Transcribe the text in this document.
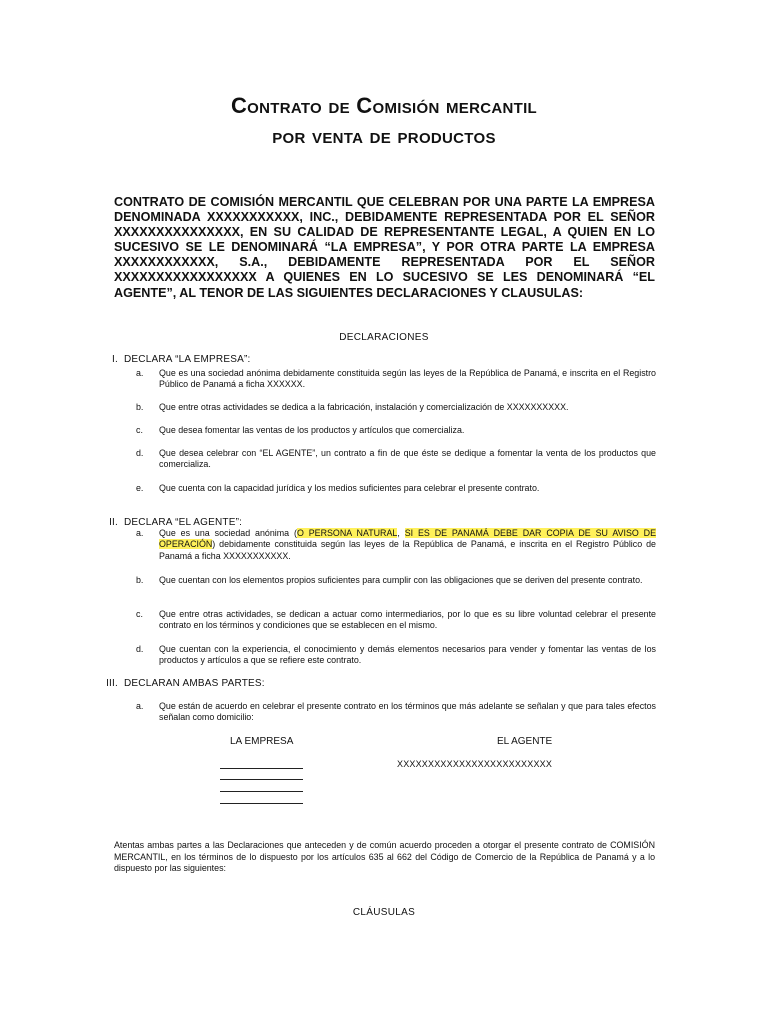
Contrato de Comisión mercantil
por venta de productos
CONTRATO DE COMISIÓN MERCANTIL QUE CELEBRAN POR UNA PARTE LA EMPRESA DENOMINADA XXXXXXXXXXX, INC., DEBIDAMENTE REPRESENTADA POR EL SEÑOR XXXXXXXXXXXXXXX, EN SU CALIDAD DE REPRESENTANTE LEGAL, A QUIEN EN LO SUCESIVO SE LE DENOMINARÁ “LA EMPRESA”, Y POR OTRA PARTE LA EMPRESA XXXXXXXXXXXX, S.A., DEBIDAMENTE REPRESENTADA POR EL SEÑOR XXXXXXXXXXXXXXXXX A QUIENES EN LO SUCESIVO SE LES DENOMINARÁ “EL AGENTE”, AL TENOR DE LAS SIGUIENTES DECLARACIONES Y CLAUSULAS:
DECLARACIONES
I. DECLARA “LA EMPRESA”:
a.	Que es una sociedad anónima debidamente constituida según las leyes de la República de Panamá, e inscrita en el Registro Público de Panamá a ficha XXXXXX.
b.	Que entre otras actividades se dedica a la fabricación, instalación y comercialización de XXXXXXXXXX.
c.	Que desea fomentar las ventas de los productos y artículos que comercializa.
d.	Que desea celebrar con “EL AGENTE”, un contrato a fin de que éste se dedique a fomentar la venta de los productos que comercializa.
e.	Que cuenta con la capacidad jurídica y los medios suficientes para celebrar el presente contrato.
II. DECLARA “EL AGENTE”:
a.	Que es una sociedad anónima (O PERSONA NATURAL, SI ES DE PANAMÁ DEBE DAR COPIA DE SU AVISO DE OPERACIÓN) debidamente constituida según las leyes de la República de Panamá, e inscrita en el Registro Público de Panamá a ficha XXXXXXXXXXX.
b.	Que cuentan con los elementos propios suficientes para cumplir con las obligaciones que se deriven del presente contrato.
c.	Que entre otras actividades, se dedican a actuar como intermediarios, por lo que es su libre voluntad celebrar el presente contrato en los términos y condiciones que se establecen en el mismo.
d.	Que cuentan con la experiencia, el conocimiento y demás elementos necesarios para vender y fomentar las ventas de los productos y artículos a que se refiere este contrato.
III. DECLARAN AMBAS PARTES:
a.	Que están de acuerdo en celebrar el presente contrato en los términos que más adelante se señalan y que para tales efectos señalan como domicilio:
LA EMPRESA	EL AGENTE
XXXXXXXXXXXXXXXXXXXXXXXXX
Atentas ambas partes a las Declaraciones que anteceden y de común acuerdo proceden a otorgar el presente contrato de COMISIÓN MERCANTIL, en los términos de lo dispuesto por los artículos 635 al 662 del Código de Comercio de la República de Panamá y a lo dispuesto por las siguientes:
CLÁUSULAS
